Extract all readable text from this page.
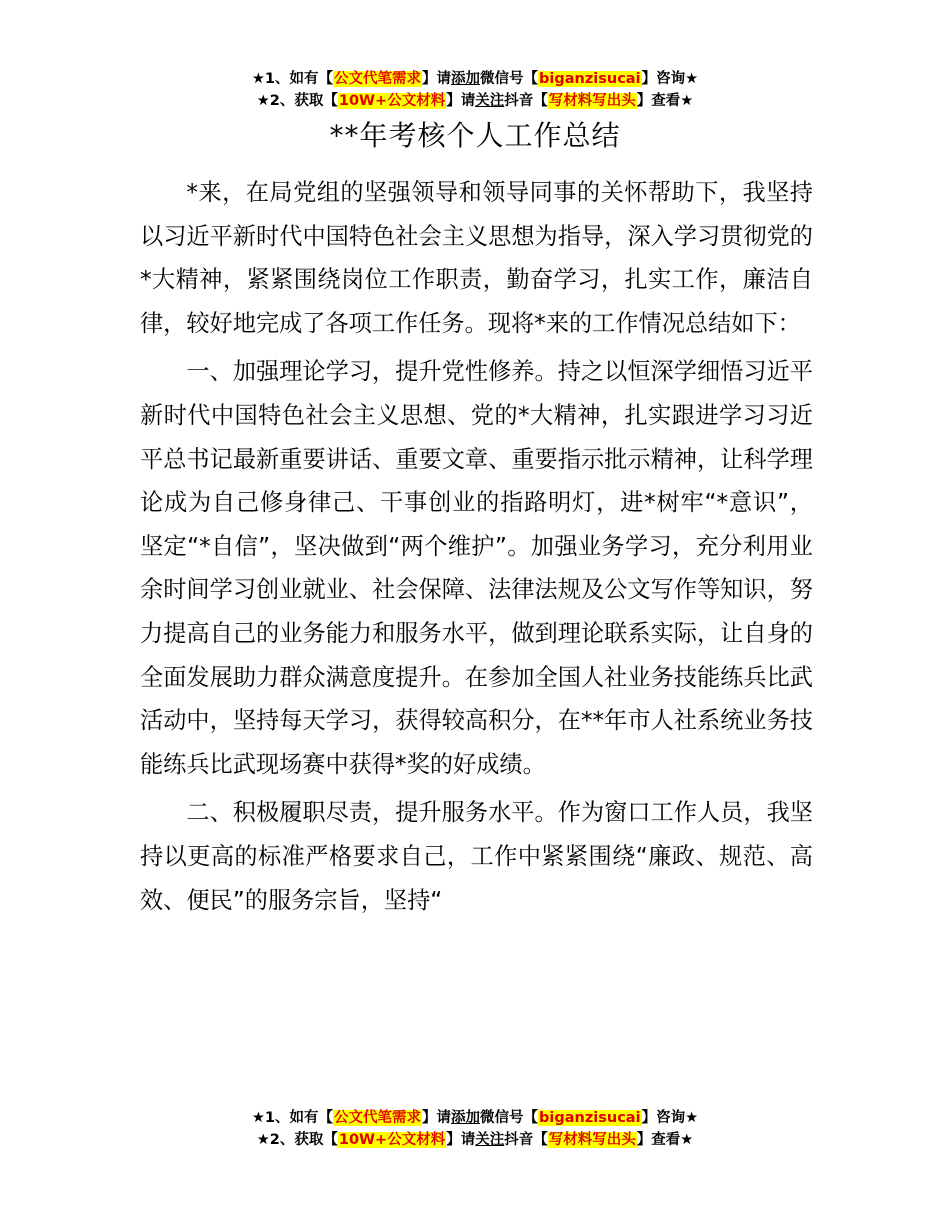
★1、如有【公文代笔需求】请添加微信号【biganzisucai】咨询★
★2、获取【10W+公文材料】请关注抖音【写材料写出头】查看★
**年考核个人工作总结

*来，在局党组的坚强领导和领导同事的关怀帮助下，我坚持以习近平新时代中国特色社会主义思想为指导，深入学习贯彻党的*大精神，紧紧围绕岗位工作职责，勤奋学习，扎实工作，廉洁自律，较好地完成了各项工作任务。现将*来的工作情况总结如下：

一、加强理论学习，提升党性修养。持之以恒深学细悟习近平新时代中国特色社会主义思想、党的*大精神，扎实跟进学习习近平总书记最新重要讲话、重要文章、重要指示批示精神，让科学理论成为自己修身律己、干事创业的指路明灯，进*树牢“*意识”，坚定“*自信”，坚决做到“两个维护”。加强业务学习，充分利用业余时间学习创业就业、社会保障、法律法规及公文写作等知识，努力提高自己的业务能力和服务水平，做到理论联系实际，让自身的全面发展助力群众满意度提升。在参加全国人社业务技能练兵比武活动中，坚持每天学习，获得较高积分，在**年市人社系统业务技能练兵比武现场赛中获得*奖的好成绩。

二、积极履职尽责，提升服务水平。作为窗口工作人员，我坚持以更高的标准严格要求自己，工作中紧紧围绕“廉政、规范、高效、便民”的服务宗旨，坚持“

★1、如有【公文代笔需求】请添加微信号【biganzisucai】咨询★
★2、获取【10W+公文材料】请关注抖音【写材料写出头】查看★
